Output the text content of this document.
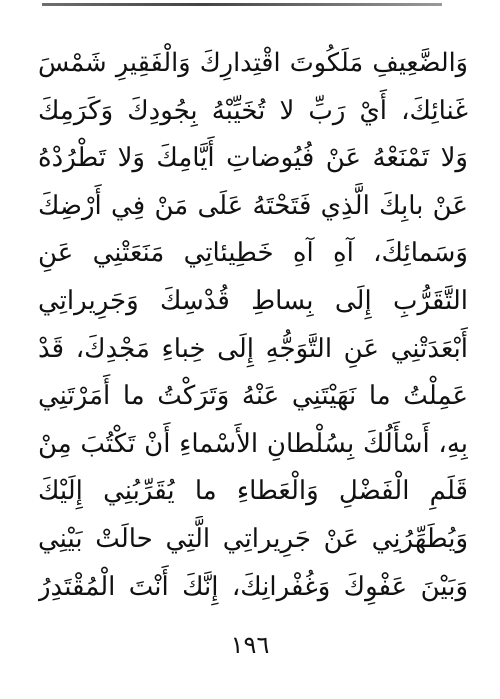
وَالضَّعِيفِ مَلَكُوتَ اقْتِدارِكَ وَالْفَقِيرِ شَمْسَ
غَنائِكَ، أَيْ رَبِّ لا تُخَيِّبْهُ بِجُودِكَ وَكَرَمِكَ
وَلا تَمْنَعْهُ عَنْ فُيُوضاتِ أَيَّامِكَ وَلا تَطْرُدْهُ
عَنْ بابِكَ الَّذِي فَتَحْتَهُ عَلَى مَنْ فِي أَرْضِكَ
وَسَمائِكَ، آهِ آهِ خَطِيئاتِي مَنَعَتْنِي عَنِ
التَّقَرُّبِ إِلَى بِساطِ قُدْسِكَ وَجَرِيراتِي
أَبْعَدَتْنِي عَنِ التَّوَجُّهِ إِلَى خِباءِ مَجْدِكَ، قَدْ
عَمِلْتُ ما نَهَيْتَنِي عَنْهُ وَتَرَكْتُ ما أَمَرْتَنِي
بِهِ، أَسْأَلُكَ بِسُلْطانِ الأَسْماءِ أَنْ تَكْتُبَ مِنْ
قَلَمِ الْفَضْلِ وَالْعَطاءِ ما يُقَرِّبُنِي إِلَيْكَ
وَيُطَهِّرُنِي عَنْ جَرِيراتِي الَّتِي حالَتْ بَيْنِي
وَبَيْنَ عَفْوِكَ وَغُفْرانِكَ، إِنَّكَ أَنْتَ الْمُقْتَدِرُ
١٩٦
